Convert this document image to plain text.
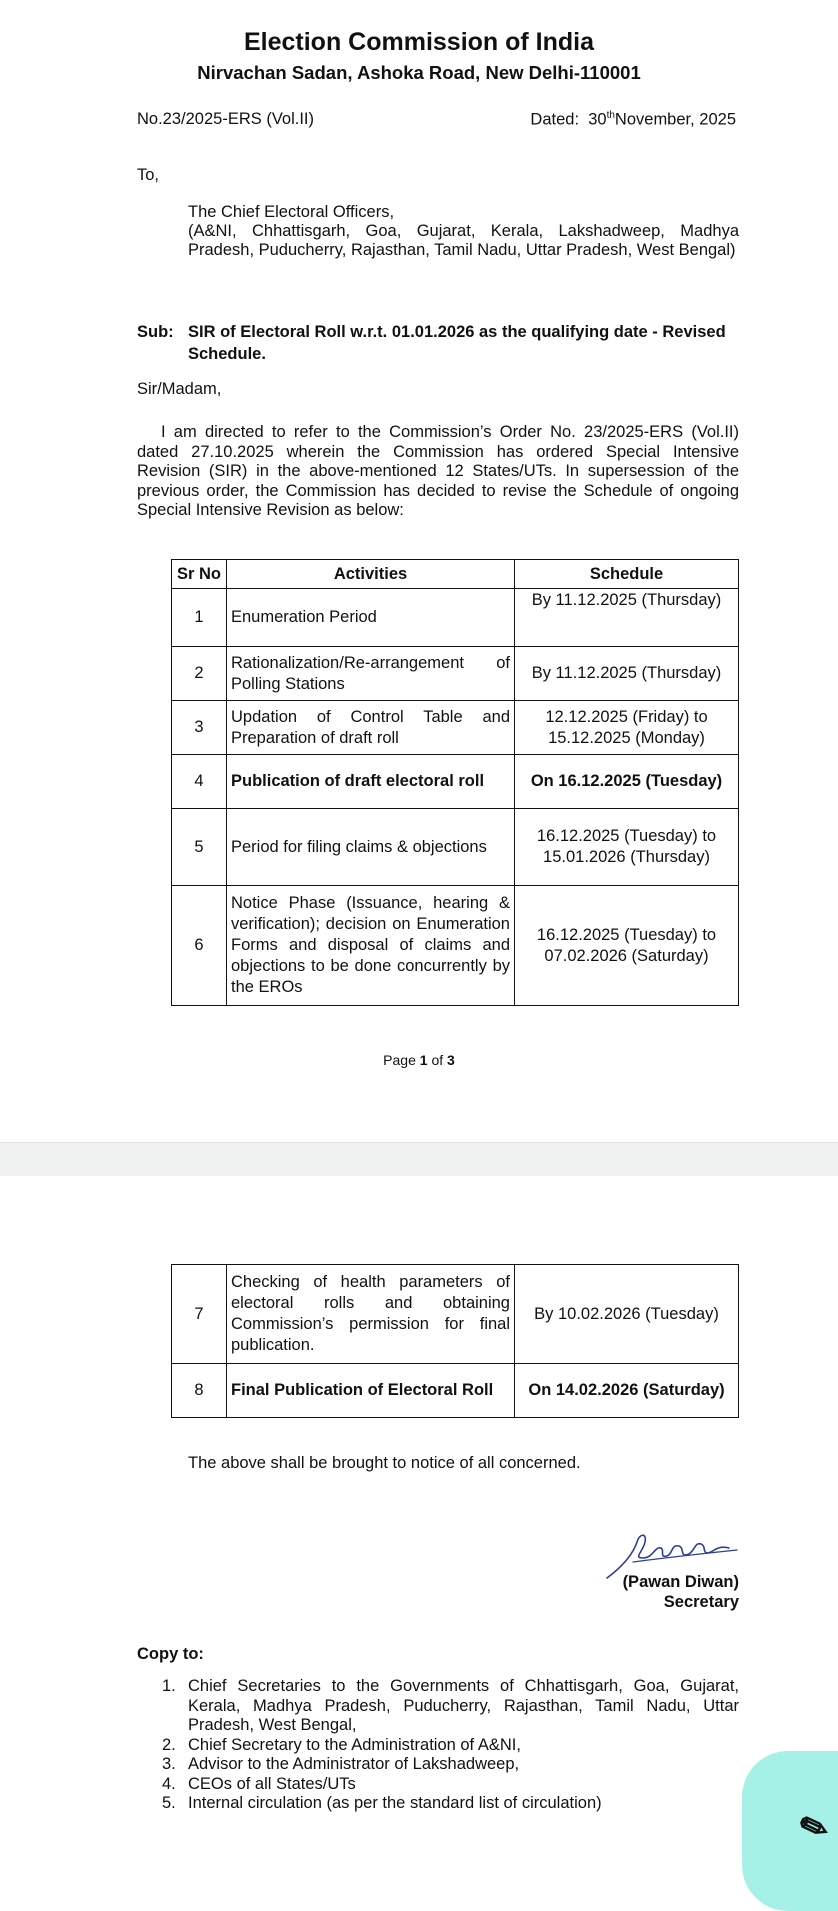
Election Commission of India
Nirvachan Sadan, Ashoka Road, New Delhi-110001
No.23/2025-ERS (Vol.II)	Dated: 30thNovember, 2025
To,
The Chief Electoral Officers,
(A&NI, Chhattisgarh, Goa, Gujarat, Kerala, Lakshadweep, Madhya Pradesh, Puducherry, Rajasthan, Tamil Nadu, Uttar Pradesh, West Bengal)
Sub: SIR of Electoral Roll w.r.t. 01.01.2026 as the qualifying date - Revised Schedule.
Sir/Madam,
I am directed to refer to the Commission’s Order No. 23/2025-ERS (Vol.II) dated 27.10.2025 wherein the Commission has ordered Special Intensive Revision (SIR) in the above-mentioned 12 States/UTs. In supersession of the previous order, the Commission has decided to revise the Schedule of ongoing Special Intensive Revision as below:
Sr No	Activities	Schedule
1	Enumeration Period	By 11.12.2025 (Thursday)
2	Rationalization/Re-arrangement of Polling Stations	By 11.12.2025 (Thursday)
3	Updation of Control Table and Preparation of draft roll	12.12.2025 (Friday) to 15.12.2025 (Monday)
4	Publication of draft electoral roll	On 16.12.2025 (Tuesday)
5	Period for filing claims & objections	16.12.2025 (Tuesday) to 15.01.2026 (Thursday)
6	Notice Phase (Issuance, hearing & verification); decision on Enumeration Forms and disposal of claims and objections to be done concurrently by the EROs	16.12.2025 (Tuesday) to 07.02.2026 (Saturday)
Page 1 of 3
7	Checking of health parameters of electoral rolls and obtaining Commission’s permission for final publication.	By 10.02.2026 (Tuesday)
8	Final Publication of Electoral Roll	On 14.02.2026 (Saturday)
The above shall be brought to notice of all concerned.
(Pawan Diwan)
Secretary
Copy to:
1. Chief Secretaries to the Governments of Chhattisgarh, Goa, Gujarat, Kerala, Madhya Pradesh, Puducherry, Rajasthan, Tamil Nadu, Uttar Pradesh, West Bengal,
2. Chief Secretary to the Administration of A&NI,
3. Advisor to the Administrator of Lakshadweep,
4. CEOs of all States/UTs
5. Internal circulation (as per the standard list of circulation)
✎
